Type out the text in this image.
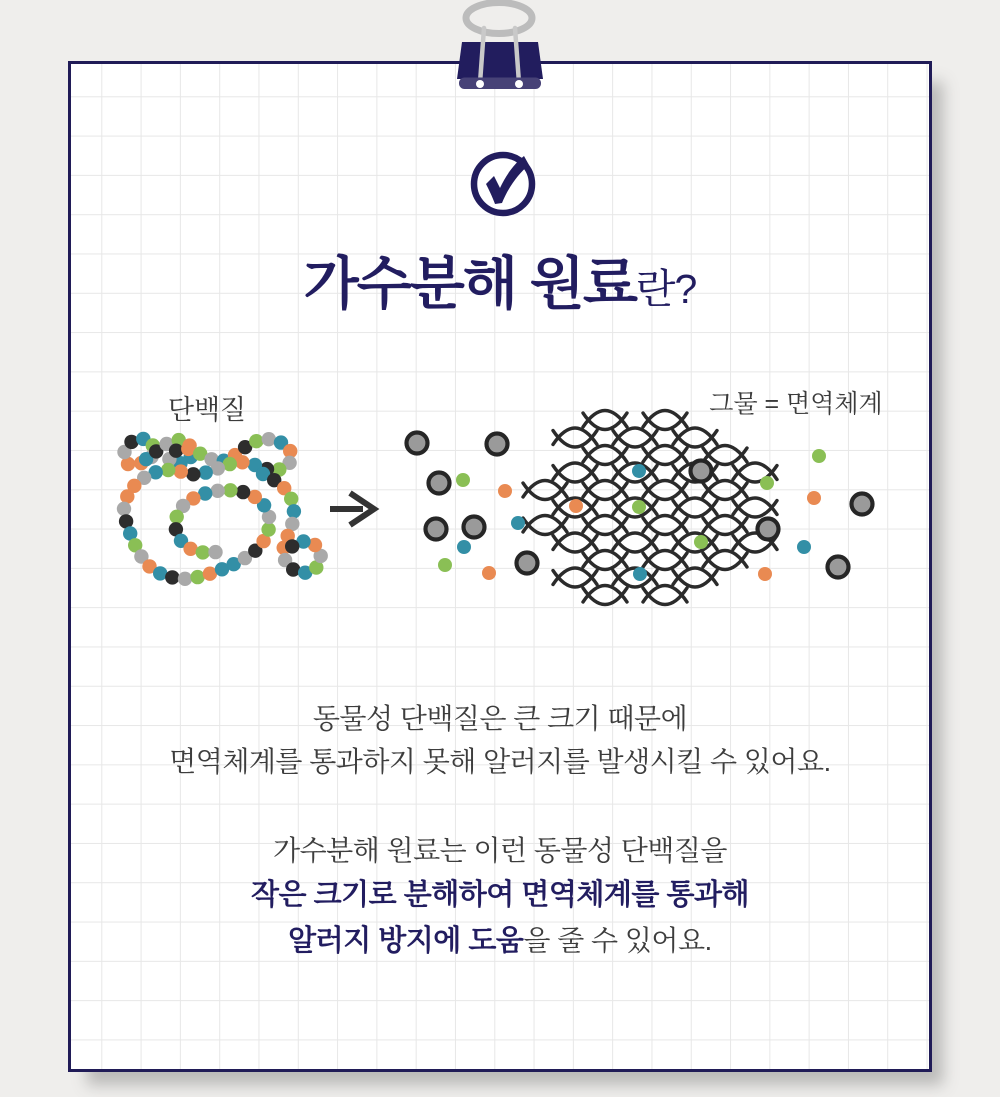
가수분해 원료란?
단백질	그물 = 면역체계
동물성 단백질은 큰 크기 때문에
면역체계를 통과하지 못해 알러지를 발생시킬 수 있어요.
가수분해 원료는 이런 동물성 단백질을
작은 크기로 분해하여 면역체계를 통과해
알러지 방지에 도움을 줄 수 있어요.
